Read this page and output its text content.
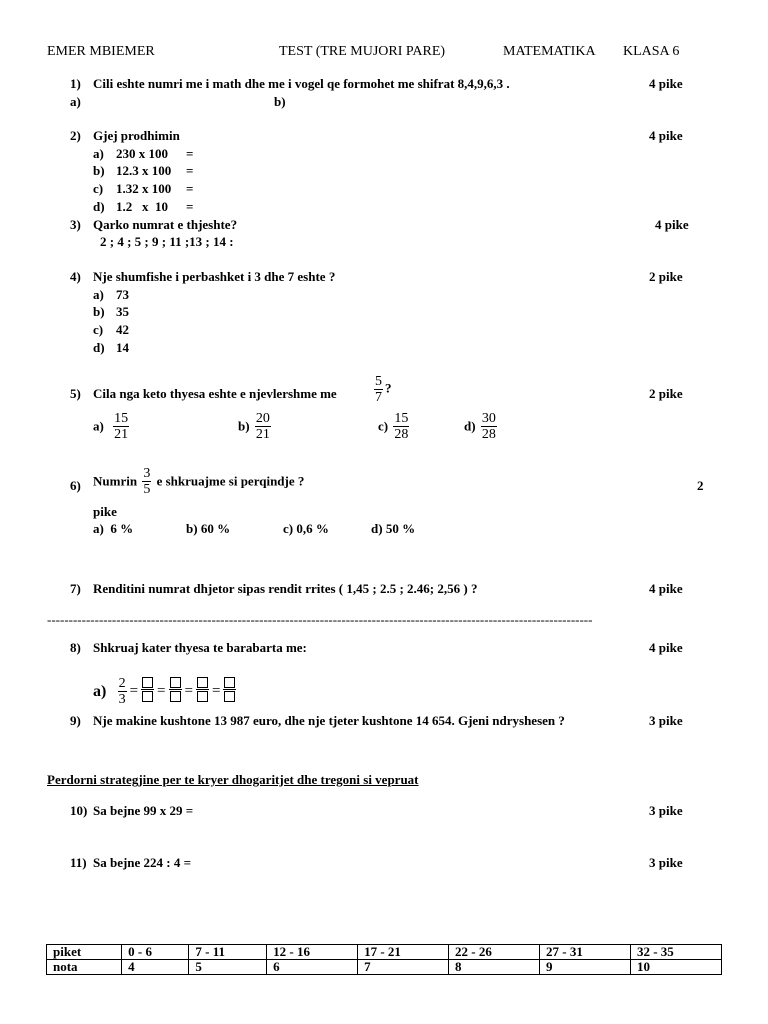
EMER MBIEMER	TEST (TRE MUJORI PARE)	MATEMATIKA KLASA 6
1) Cili eshte numri me i math dhe me i vogel qe formohet me shifrat 8,4,9,6,3 .	4 pike
a)	b)
2) Gjej prodhimin	4 pike
a) 230 x 100 =
b) 12.3 x 100 =
c) 1.32 x 100 =
d) 1.2   x  10 =
3) Qarko numrat e thjeshte?	4 pike
2 ; 4 ; 5 ; 9 ; 11 ;13 ; 14 :
4) Nje shumfishe i perbashket i 3 dhe 7 eshte ?	2 pike
a) 73
b) 35
c) 42
d) 14
5) Cila nga keto thyesa eshte e njevlershme me	$\frac{5}{7}$ ?	2 pike
$a) \frac{15}{21}$	$b) \frac{20}{21}$	$c) \frac{15}{28}$	$d) \frac{30}{28}$
6) Numrin $\frac{3}{5}$ e shkruajme si perqindje ?	2
pike
a) 6 %	b) 60 %	c) 0,6 %	d) 50 %
7) Renditini numrat dhjetor sipas rendit rrites ( 1,45 ; 2.5 ; 2.46; 2,56 ) ?	4 pike
------------------------------------------------------------------------------------------------------------------------------
8) Shkruaj kater thyesa te barabarta me:	4 pike
$a) \frac{2}{3}$ = = = =
9) Nje makine kushtone 13 987 euro, dhe nje tjeter kushtone 14 654. Gjeni ndryshesen ?	3 pike
Perdorni strategjine per te kryer dhogaritjet dhe tregoni si vepruat
10) Sa bejne 99 x 29 =	3 pike
11) Sa bejne 224 : 4 =	3 pike
piket	0 - 6	7 - 11	12 - 16	17 - 21	22 - 26	27 - 31	32 - 35
nota	4	5	6	7	8	9	10
